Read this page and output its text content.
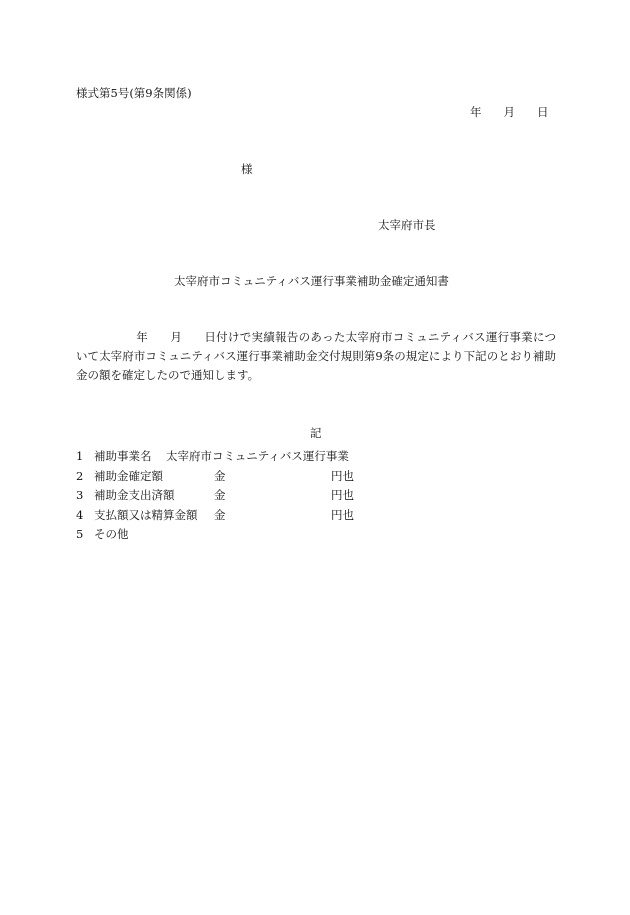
様式第5号(第9条関係)
年 月 日
様
太宰府市長
太宰府市コミュニティバス運行事業補助金確定通知書
年 月 日付けで実績報告のあった太宰府市コミュニティバス運行事業について太宰府市コミュニティバス運行事業補助金交付規則第9条の規定により下記のとおり補助金の額を確定したので通知します。
記
1 補助事業名 太宰府市コミュニティバス運行事業
2 補助金確定額	金	円也
3 補助金支出済額	金	円也
4 支払額又は精算金額 金	円也
5 その他
